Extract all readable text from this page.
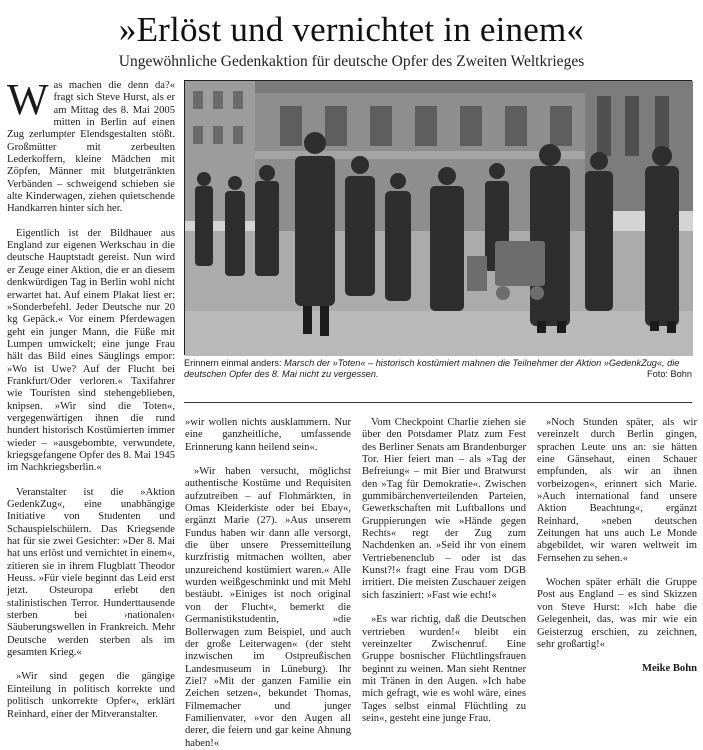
»Erlöst und vernichtet in einem«
Ungewöhnliche Gedenkaktion für deutsche Opfer des Zweiten Weltkrieges

Was machen die denn da?« fragt sich Steve Hurst, als er am Mittag des 8. Mai 2005 mitten in Berlin auf einen Zug zerlumpter Elendsgestalten stößt. Großmütter mit zerbeulten Lederkoffern, kleine Mädchen mit Zöpfen, Männer mit blutgetränkten Verbänden – schweigend schieben sie alte Kinderwagen, ziehen quietschende Handkarren hinter sich her.

Eigentlich ist der Bildhauer aus England zur eigenen Werkschau in die deutsche Hauptstadt gereist. Nun wird er Zeuge einer Aktion, die er an diesem denkwürdigen Tag in Berlin wohl nicht erwartet hat. Auf einem Plakat liest er: »Sonderbefehl. Jeder Deutsche nur 20 kg Gepäck.« Vor einem Pferdewagen geht ein junger Mann, die Füße mit Lumpen umwickelt; eine junge Frau hält das Bild eines Säuglings empor: »Wo ist Uwe? Auf der Flucht bei Frankfurt/Oder verloren.« Taxifahrer wie Touristen sind stehengeblieben, knipsen. »Wir sind die Toten«, vergegenwärtigen ihnen die rund hundert historisch Kostümierten immer wieder – »ausgebombte, verwundete, kriegsgefangene Opfer des 8. Mai 1945 im Nachkriegsberlin.«

Veranstalter ist die »Aktion GedenkZug«, eine unabhängige Initiative von Studenten und Schauspielschülern. Das Kriegsende hat für sie zwei Gesichter: »Der 8. Mai hat uns erlöst und vernichtet in einem«, zitieren sie in ihrem Flugblatt Theodor Heuss. »Für viele beginnt das Leid erst jetzt. Osteuropa erlebt den stalinistischen Terror. Hunderttausende sterben bei ›nationalen‹ Säuberungswellen in Frankreich. Mehr Deutsche werden sterben als im gesamten Krieg.«

»Wir sind gegen die gängige Einteilung in politisch korrekte und politisch unkorrekte Opfer«, erklärt Reinhard, einer der Mitveranstalter.

Erinnern einmal anders: Marsch der »Toten« – historisch kostümiert mahnen die Teilnehmer der Aktion »GedenkZug«, die deutschen Opfer des 8. Mai nicht zu vergessen.	Foto: Bohn

»wir wollen nichts ausklammern. Nur eine ganzheitliche, umfassende Erinnerung kann heilend sein«.

»Wir haben versucht, möglichst authentische Kostüme und Requisiten aufzutreiben – auf Flohmärkten, in Omas Kleiderkiste oder bei Ebay«, ergänzt Marie (27). »Aus unserem Fundus haben wir dann alle versorgt, die über unsere Pressemitteilung kurzfristig mitmachen wollten, aber unzureichend kostümiert waren.« Alle wurden weißgeschminkt und mit Mehl bestäubt. »Einiges ist noch original von der Flucht«, bemerkt die Germanistikstudentin, »die Bollerwagen zum Beispiel, und auch der große Leiterwagen« (der steht inzwischen im Ostpreußischen Landesmuseum in Lüneburg). Ihr Ziel? »Mit der ganzen Familie ein Zeichen setzen«, bekundet Thomas, Filmemacher und junger Familienvater, »vor den Augen all derer, die feiern und gar keine Ahnung haben!«

Vom Checkpoint Charlie ziehen sie über den Potsdamer Platz zum Fest des Berliner Senats am Brandenburger Tor. Hier feiert man – als »Tag der Befreiung« – mit Bier und Bratwurst den »Tag für Demokratie«. Zwischen gummibärchenverteilenden Parteien, Gewerkschaften mit Luftballons und Gruppierungen wie »Hände gegen Rechts« regt der Zug zum Nachdenken an. »Seid ihr von einem Vertriebenenclub – oder ist das Kunst?!« fragt eine Frau vom DGB irritiert. Die meisten Zuschauer zeigen sich fasziniert: »Fast wie echt!«

»Es war richtig, daß die Deutschen vertrieben wurden!« bleibt ein vereinzelter Zwischenruf. Eine Gruppe bosnischer Flüchtlingsfrauen beginnt zu weinen. Man sieht Rentner mit Tränen in den Augen. »Ich habe mich gefragt, wie es wohl wäre, eines Tages selbst einmal Flüchtling zu sein«, gesteht eine junge Frau.

»Noch Stunden später, als wir vereinzelt durch Berlin gingen, sprachen Leute uns an: sie hätten eine Gänsehaut, einen Schauer empfunden, als wir an ihnen vorbeizogen«, erinnert sich Marie. »Auch international fand unsere Aktion Beachtung«, ergänzt Reinhard, »neben deutschen Zeitungen hat uns auch Le Monde abgebildet, wir waren weltweit im Fernsehen zu sehen.«

Wochen später erhält die Gruppe Post aus England – es sind Skizzen von Steve Hurst: »Ich habe die Gelegenheit, das, was mir wie ein Geisterzug erschien, zu zeichnen, sehr großartig!«

Meike Bohn
